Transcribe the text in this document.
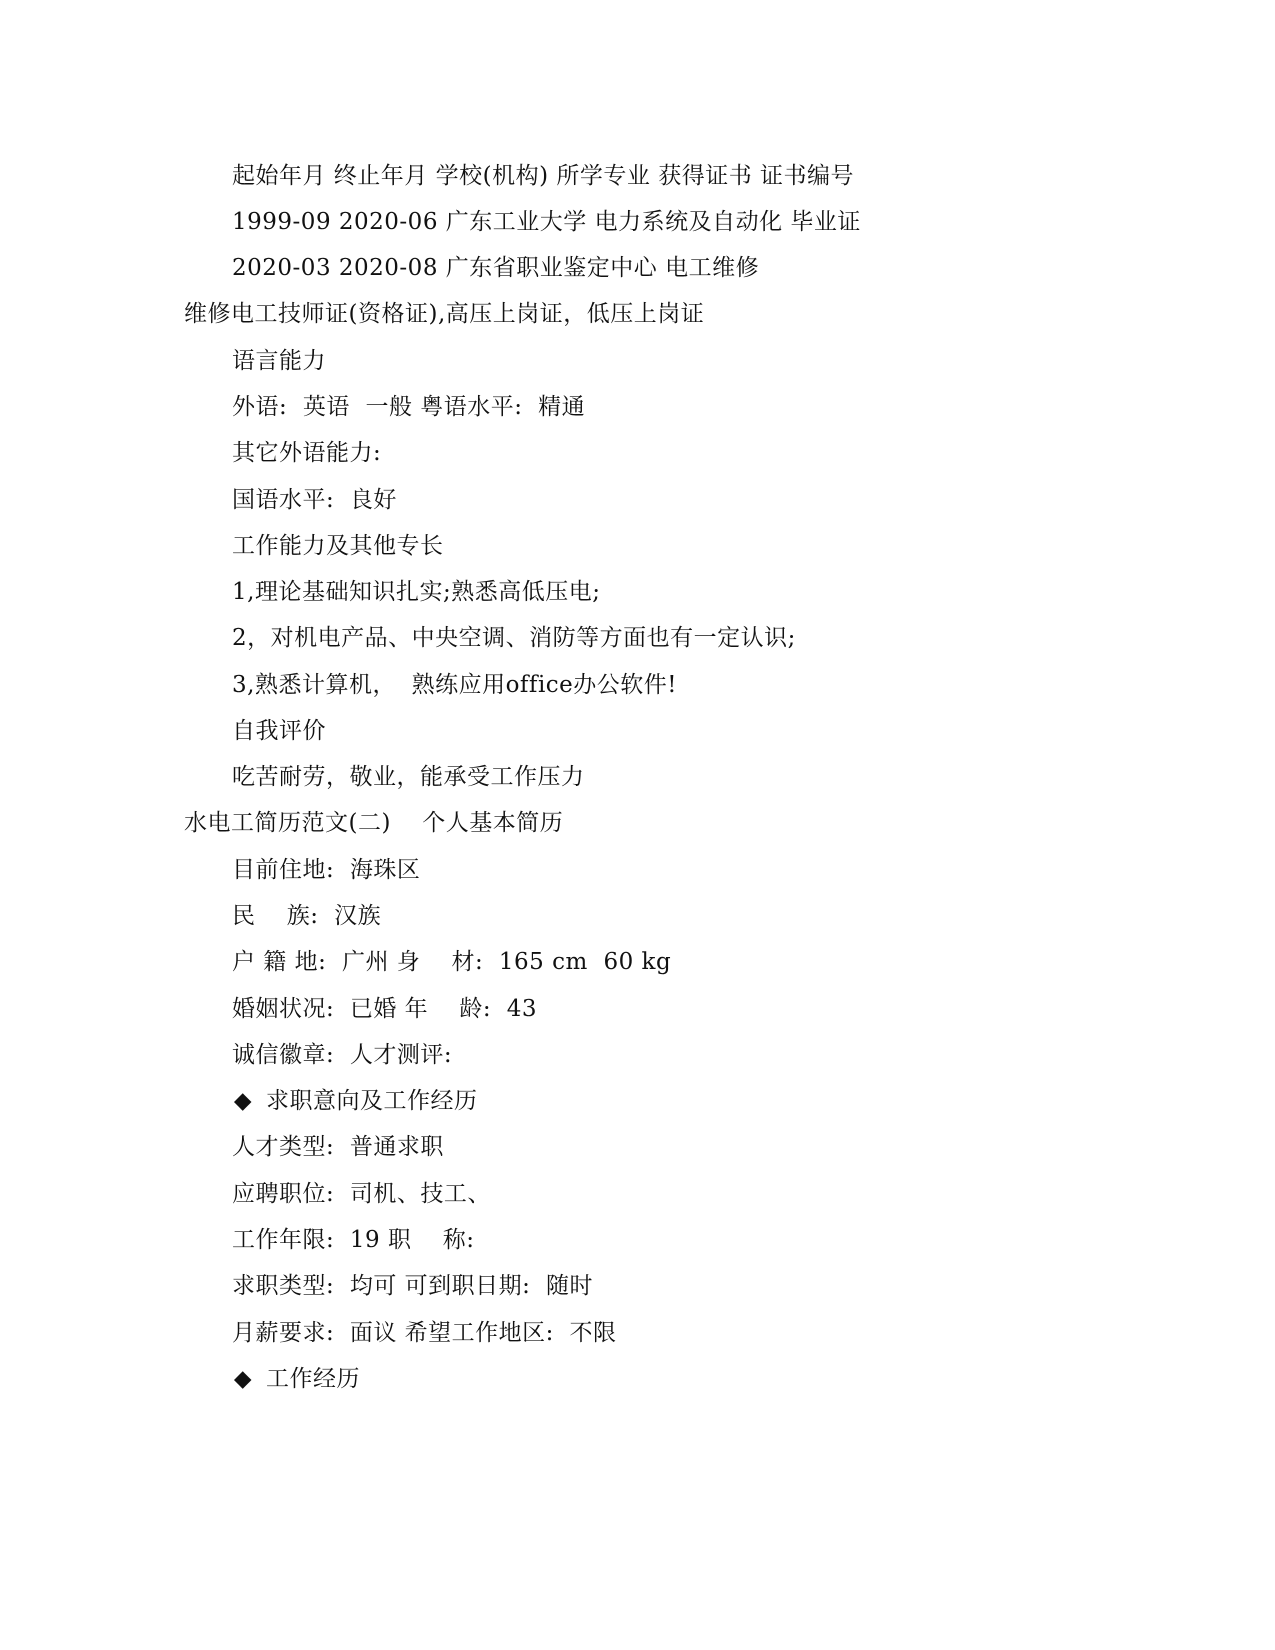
起始年月 终止年月 学校(机构) 所学专业 获得证书 证书编号
1999-09 2020-06 广东工业大学 电力系统及自动化 毕业证
2020-03 2020-08 广东省职业鉴定中心 电工维修
维修电工技师证(资格证),高压上岗证，低压上岗证
语言能力
外语:  英语  一般 粤语水平:  精通
其它外语能力:
国语水平:  良好
工作能力及其他专长
1,理论基础知识扎实;熟悉高低压电;
2，对机电产品、中央空调、消防等方面也有一定认识;
3,熟悉计算机，  熟练应用office办公软件!
自我评价
吃苦耐劳，敬业，能承受工作压力
水电工简历范文(二)    个人基本简历
目前住地:  海珠区
民    族:  汉族
户 籍 地:  广州 身    材:  165 cm  60 kg
婚姻状况:  已婚 年    龄:  43
诚信徽章:  人才测评:
◆ 求职意向及工作经历
人才类型:  普通求职
应聘职位:  司机、技工、
工作年限:  19 职    称:
求职类型:  均可 可到职日期:  随时
月薪要求:  面议 希望工作地区:  不限
◆ 工作经历
